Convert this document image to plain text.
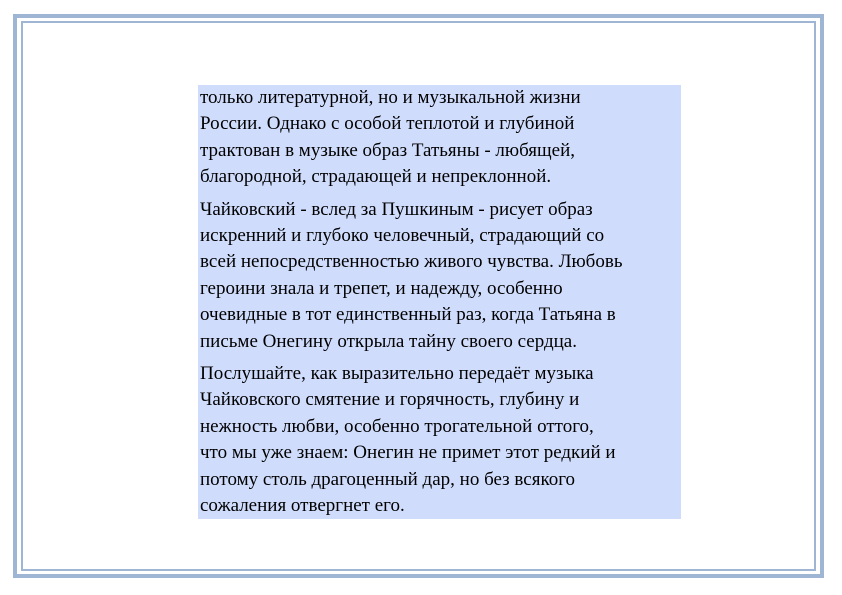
только литературной, но и музыкальной жизни
России. Однако с особой теплотой и глубиной
трактован в музыке образ Татьяны - любящей,
благородной, страдающей и непреклонной.

Чайковский - вслед за Пушкиным - рисует образ
искренний и глубоко человечный, страдающий со
всей непосредственностью живого чувства. Любовь
героини знала и трепет, и надежду, особенно
очевидные в тот единственный раз, когда Татьяна в
письме Онегину открыла тайну своего сердца.

Послушайте, как выразительно передаёт музыка
Чайковского смятение и горячность, глубину и
нежность любви, особенно трогательной оттого,
что мы уже знаем: Онегин не примет этот редкий и
потому столь драгоценный дар, но без всякого
сожаления отвергнет его.
